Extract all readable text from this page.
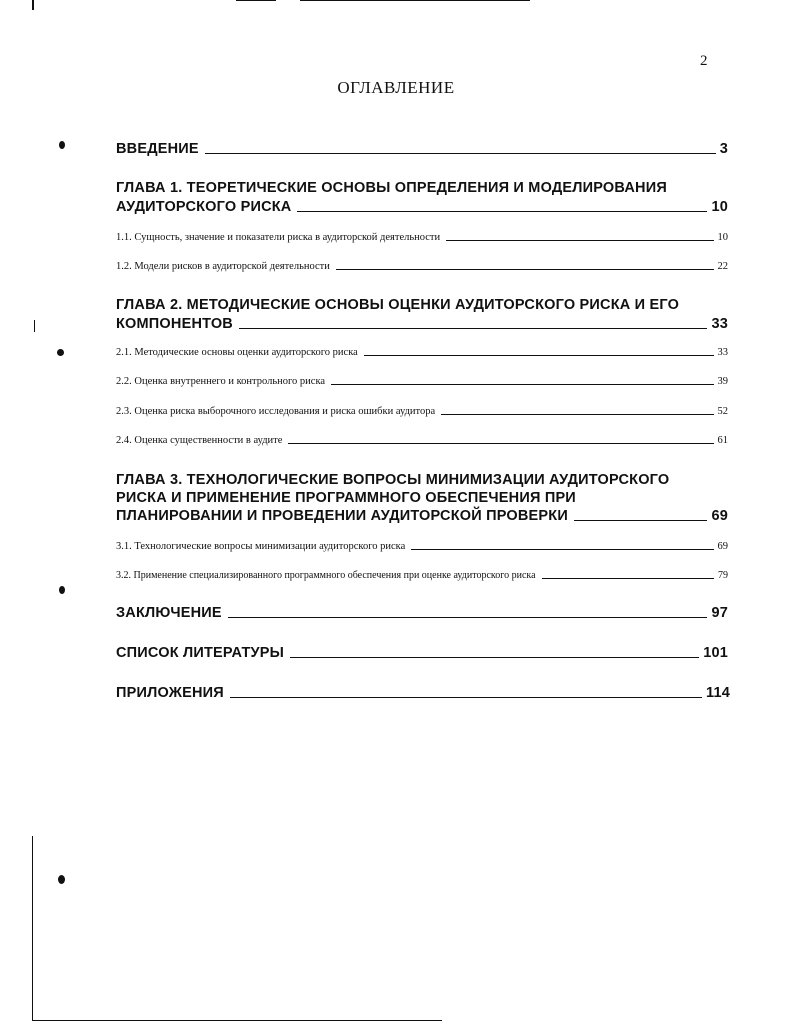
2
ОГЛАВЛЕНИЕ
ВВЕДЕНИЕ	3
ГЛАВА 1. ТЕОРЕТИЧЕСКИЕ ОСНОВЫ ОПРЕДЕЛЕНИЯ И МОДЕЛИРОВАНИЯ
АУДИТОРСКОГО РИСКА	10
1.1. Сущность, значение и показатели риска в аудиторской деятельности	10
1.2. Модели рисков в аудиторской деятельности	22
ГЛАВА 2. МЕТОДИЧЕСКИЕ ОСНОВЫ ОЦЕНКИ АУДИТОРСКОГО РИСКА И ЕГО
КОМПОНЕНТОВ	33
2.1. Методические основы оценки аудиторского риска	33
2.2. Оценка внутреннего и контрольного риска	39
2.3. Оценка риска выборочного исследования и риска ошибки аудитора	52
2.4. Оценка существенности в аудите	61
ГЛАВА 3. ТЕХНОЛОГИЧЕСКИЕ ВОПРОСЫ МИНИМИЗАЦИИ АУДИТОРСКОГО
РИСКА И ПРИМЕНЕНИЕ ПРОГРАММНОГО ОБЕСПЕЧЕНИЯ ПРИ
ПЛАНИРОВАНИИ И ПРОВЕДЕНИИ АУДИТОРСКОЙ ПРОВЕРКИ	69
3.1. Технологические вопросы минимизации аудиторского риска	69
3.2. Применение специализированного программного обеспечения при оценке аудиторского риска	79
ЗАКЛЮЧЕНИЕ	97
СПИСОК ЛИТЕРАТУРЫ	101
ПРИЛОЖЕНИЯ	114
